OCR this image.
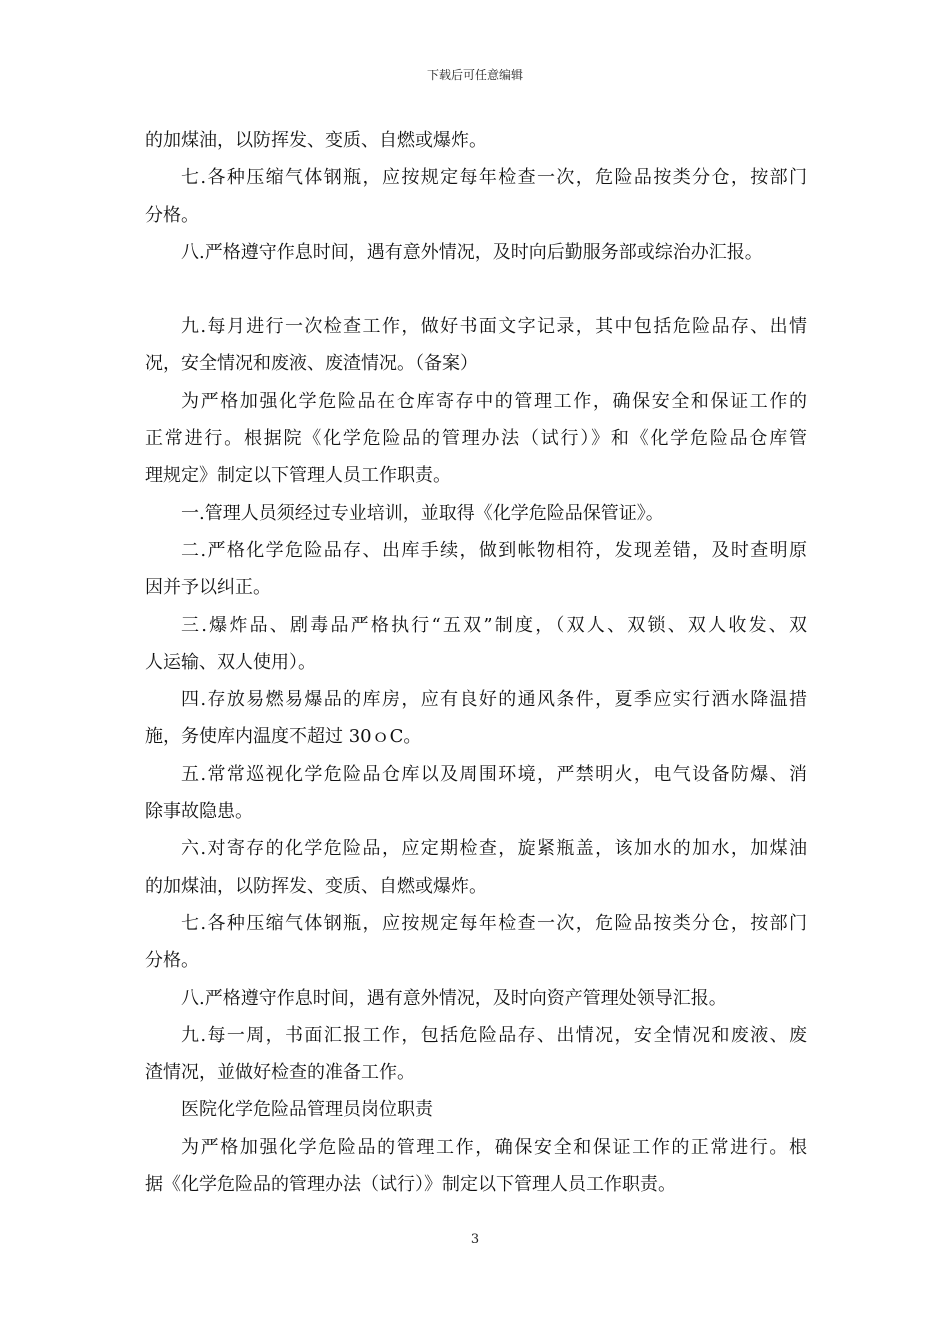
下载后可任意编辑
的加煤油，以防挥发、变质、自燃或爆炸。
七.各种压缩气体钢瓶，应按规定每年检查一次，危险品按类分仓，按部门
分格。
八.严格遵守作息时间，遇有意外情况，及时向后勤服务部或综治办汇报。
九.每月进行一次检查工作，做好书面文字记录，其中包括危险品存、出情
况，安全情况和废液、废渣情况。（备案）
为严格加强化学危险品在仓库寄存中的管理工作，确保安全和保证工作的
正常进行。根据院《化学危险品的管理办法（试行）》和《化学危险品仓库管
理规定》制定以下管理人员工作职责。
一.管理人员须经过专业培训，並取得《化学危险品保管证》。
二.严格化学危险品存、出库手续，做到帐物相符，发现差错，及时查明原
因并予以纠正。
三.爆炸品、剧毒品严格执行“五双”制度，（双人、双锁、双人收发、双
人运输、双人使用）。
四.存放易燃易爆品的库房，应有良好的通风条件，夏季应实行洒水降温措
施，务使库内温度不超过 30ｏC。
五.常常巡视化学危险品仓库以及周围环境，严禁明火，电气设备防爆、消
除事故隐患。
六.对寄存的化学危险品，应定期检查，旋紧瓶盖，该加水的加水，加煤油
的加煤油，以防挥发、变质、自燃或爆炸。
七.各种压缩气体钢瓶，应按规定每年检查一次，危险品按类分仓，按部门
分格。
八.严格遵守作息时间，遇有意外情况，及时向资产管理处领导汇报。
九.每一周，书面汇报工作，包括危险品存、出情况，安全情况和废液、废
渣情况，並做好检查的准备工作。
医院化学危险品管理员岗位职责
为严格加强化学危险品的管理工作，确保安全和保证工作的正常进行。根
据《化学危险品的管理办法（试行）》制定以下管理人员工作职责。
3
